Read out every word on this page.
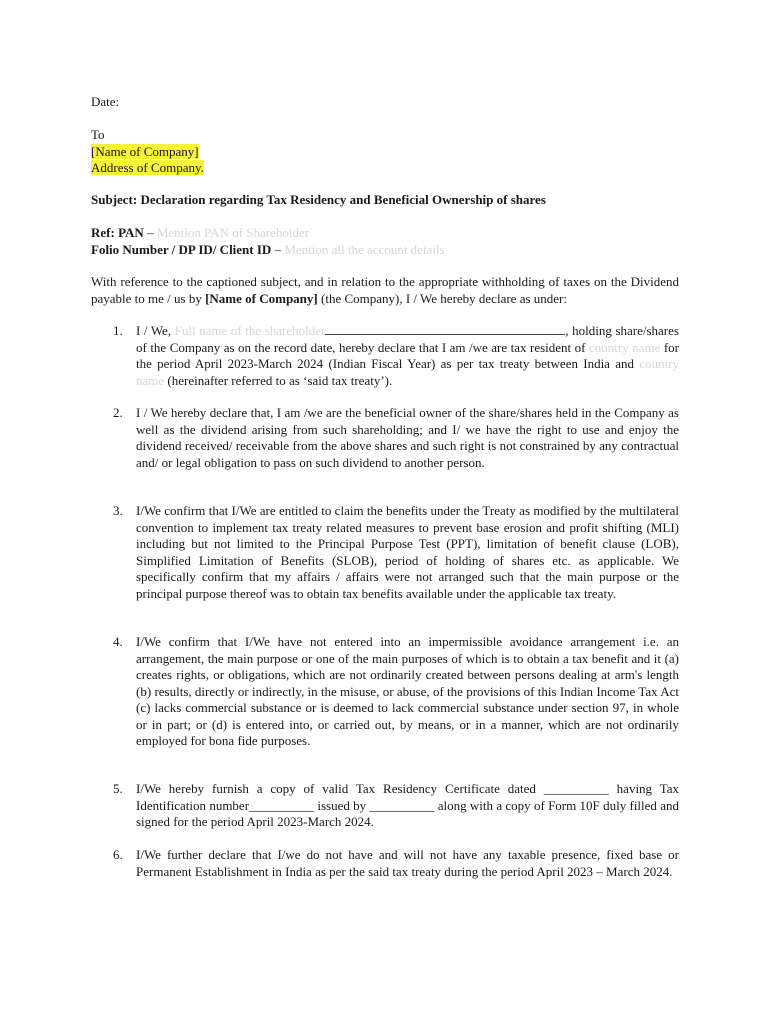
Date:
To
[Name of Company]
Address of Company.
Subject: Declaration regarding Tax Residency and Beneficial Ownership of shares
Ref: PAN – Mention PAN of Shareholder
Folio Number / DP ID/ Client ID – Mention all the account details
With reference to the captioned subject, and in relation to the appropriate withholding of taxes on the Dividend payable to me / us by [Name of Company] (the Company), I / We hereby declare as under:
1. I / We, Full name of the shareholder	, holding share/shares of the Company as on the record date, hereby declare that I am /we are tax resident of country name for the period April 2023-March 2024 (Indian Fiscal Year) as per tax treaty between India and country name (hereinafter referred to as ‘said tax treaty’).
2. I / We hereby declare that, I am /we are the beneficial owner of the share/shares held in the Company as well as the dividend arising from such shareholding; and I/ we have the right to use and enjoy the dividend received/ receivable from the above shares and such right is not constrained by any contractual and/ or legal obligation to pass on such dividend to another person.
3. I/We confirm that I/We are entitled to claim the benefits under the Treaty as modified by the multilateral convention to implement tax treaty related measures to prevent base erosion and profit shifting (MLI) including but not limited to the Principal Purpose Test (PPT), limitation of benefit clause (LOB), Simplified Limitation of Benefits (SLOB), period of holding of shares etc. as applicable. We specifically confirm that my affairs / affairs were not arranged such that the main purpose or the principal purpose thereof was to obtain tax benefits available under the applicable tax treaty.
4. I/We confirm that I/We have not entered into an impermissible avoidance arrangement i.e. an arrangement, the main purpose or one of the main purposes of which is to obtain a tax benefit and it (a) creates rights, or obligations, which are not ordinarily created between persons dealing at arm's length (b) results, directly or indirectly, in the misuse, or abuse, of the provisions of this Indian Income Tax Act (c) lacks commercial substance or is deemed to lack commercial substance under section 97, in whole or in part; or (d) is entered into, or carried out, by means, or in a manner, which are not ordinarily employed for bona fide purposes.
5. I/We hereby furnish a copy of valid Tax Residency Certificate dated __________ having Tax Identification number__________ issued by __________ along with a copy of Form 10F duly filled and signed for the period April 2023-March 2024.
6. I/We further declare that I/we do not have and will not have any taxable presence, fixed base or Permanent Establishment in India as per the said tax treaty during the period April 2023 – March 2024.
